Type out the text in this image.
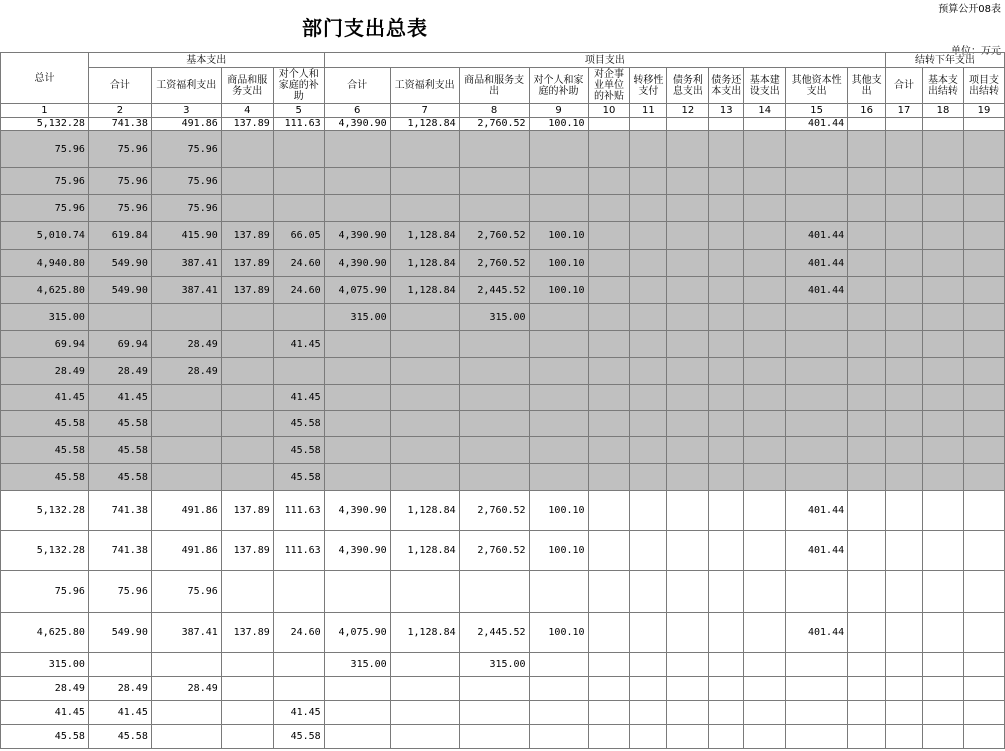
部门支出总表
预算公开08表
单位：万元
总计	基本支出				项目支出											结转下年支出		
	合计	工资福利支出	商品和服务支出	对个人和家庭的补助	合计	工资福利支出	商品和服务支出	对个人和家庭的补助	对企事业单位的补贴	转移性支付	债务利息支出	债务还本支出	基本建设支出	其他资本性支出	其他支出	合计	基本支出结转	项目支出结转
1	2	3	4	5	6	7	8	9	10	11	12	13	14	15	16	17	18	19
5,132.28	741.38	491.86	137.89	111.63	4,390.90	1,128.84	2,760.52	100.10						401.44				
75.96	75.96	75.96																
75.96	75.96	75.96																
75.96	75.96	75.96																
5,010.74	619.84	415.90	137.89	66.05	4,390.90	1,128.84	2,760.52	100.10						401.44				
4,940.80	549.90	387.41	137.89	24.60	4,390.90	1,128.84	2,760.52	100.10						401.44				
4,625.80	549.90	387.41	137.89	24.60	4,075.90	1,128.84	2,445.52	100.10						401.44				
315.00					315.00		315.00											
69.94	69.94	28.49		41.45														
28.49	28.49	28.49																
41.45	41.45			41.45														
45.58	45.58			45.58														
45.58	45.58			45.58														
45.58	45.58			45.58														
5,132.28	741.38	491.86	137.89	111.63	4,390.90	1,128.84	2,760.52	100.10						401.44				
5,132.28	741.38	491.86	137.89	111.63	4,390.90	1,128.84	2,760.52	100.10						401.44				
75.96	75.96	75.96																
4,625.80	549.90	387.41	137.89	24.60	4,075.90	1,128.84	2,445.52	100.10						401.44				
315.00					315.00		315.00											
28.49	28.49	28.49																
41.45	41.45			41.45														
45.58	45.58			45.58														
